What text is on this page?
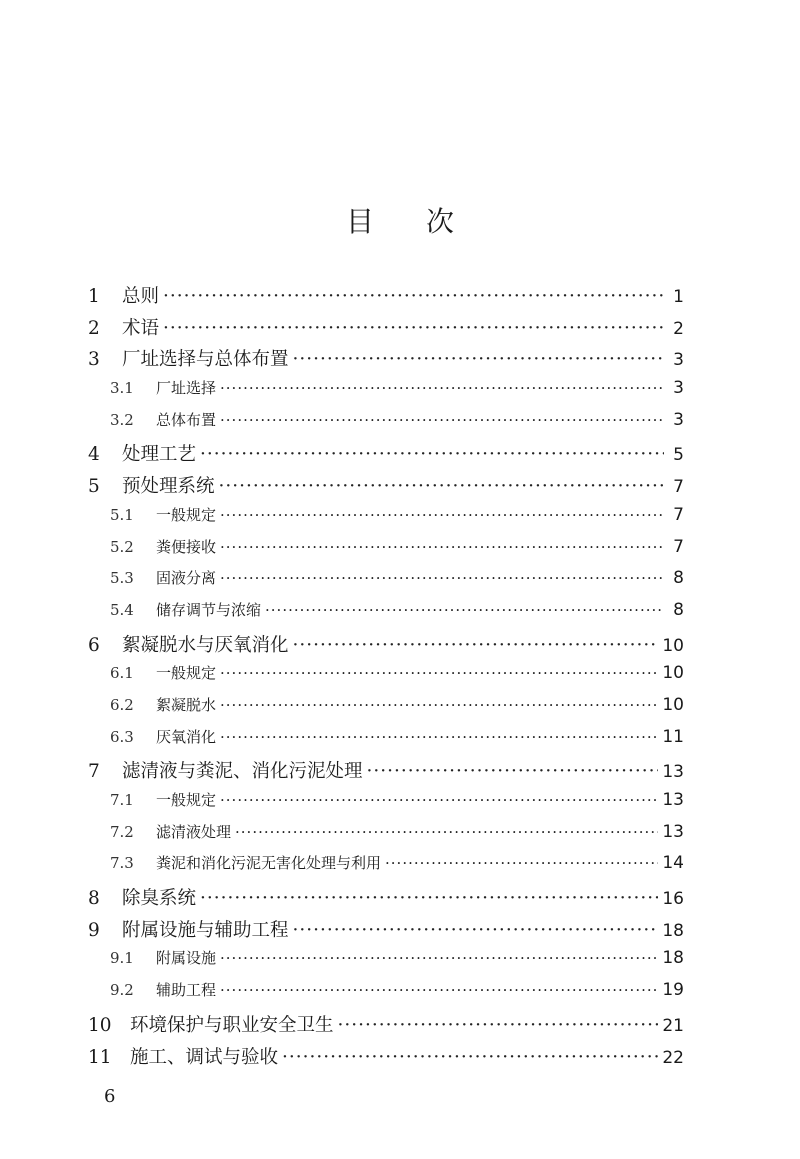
目 次
1	总则 ·····	1
2	术语 ·····	2
3	厂址选择与总体布置 ·····	3
3.1	厂址选择 ·····	3
3.2	总体布置 ·····	3
4	处理工艺 ·····	5
5	预处理系统 ·····	7
5.1	一般规定 ·····	7
5.2	粪便接收 ·····	7
5.3	固液分离 ·····	8
5.4	储存调节与浓缩 ·····	8
6	絮凝脱水与厌氧消化 ·····	10
6.1	一般规定 ·····	10
6.2	絮凝脱水 ·····	10
6.3	厌氧消化 ·····	11
7	滤清液与粪泥、消化污泥处理 ·····	13
7.1	一般规定 ·····	13
7.2	滤清液处理 ·····	13
7.3	粪泥和消化污泥无害化处理与利用 ·····	14
8	除臭系统 ·····	16
9	附属设施与辅助工程 ·····	18
9.1	附属设施 ·····	18
9.2	辅助工程 ·····	19
10 环境保护与职业安全卫生 ·····	21
11 施工、调试与验收 ·····	22
6
